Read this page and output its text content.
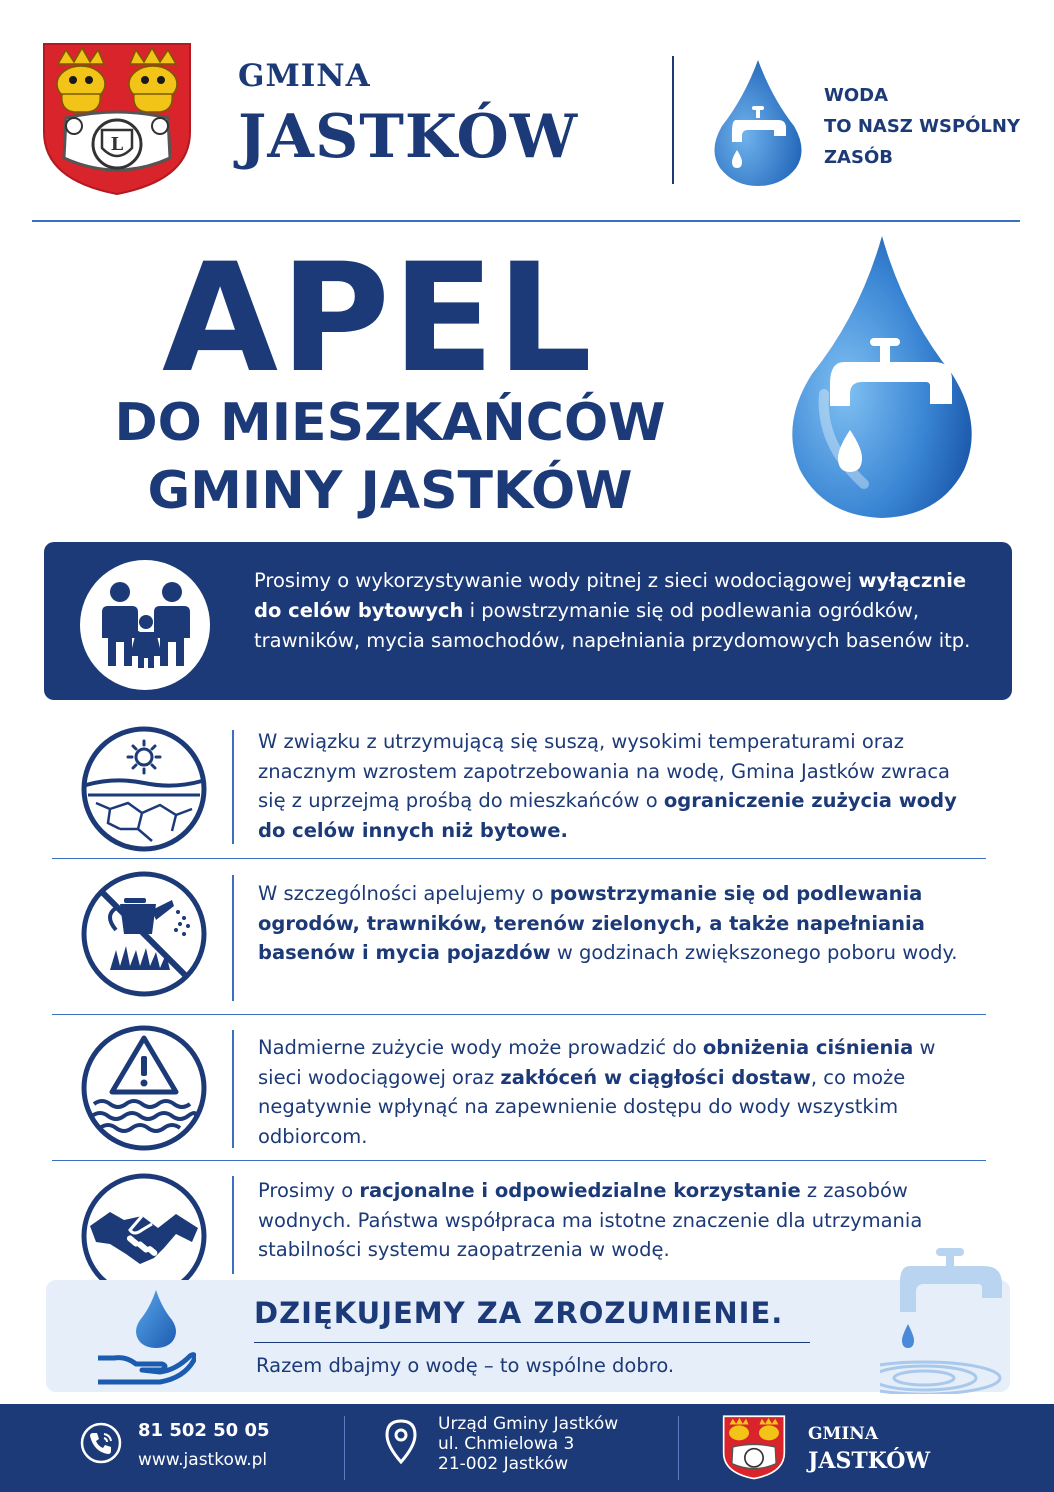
L
GMINA
JASTKÓW
WODA
TO NASZ WSPÓLNY
ZASÓB
APEL
DO MIESZKAŃCÓW
GMINY JASTKÓW
Prosimy o wykorzystywanie wody pitnej z sieci wodociągowej wyłącznie do celów bytowych i powstrzymanie się od podlewania ogródków, trawników, mycia samochodów, napełniania przydomowych basenów itp.
W związku z utrzymującą się suszą, wysokimi temperaturami oraz znacznym wzrostem zapotrzebowania na wodę, Gmina Jastków zwraca się z uprzejmą prośbą do mieszkańców o ograniczenie zużycia wody do celów innych niż bytowe.
W szczególności apelujemy o powstrzymanie się od podlewania ogrodów, trawników, terenów zielonych, a także napełniania basenów i mycia pojazdów w godzinach zwiększonego poboru wody.
Nadmierne zużycie wody może prowadzić do obniżenia ciśnienia w sieci wodociągowej oraz zakłóceń w ciągłości dostaw, co może negatywnie wpłynąć na zapewnienie dostępu do wody wszystkim odbiorcom.
Prosimy o racjonalne i odpowiedzialne korzystanie z zasobów wodnych. Państwa współpraca ma istotne znaczenie dla utrzymania stabilności systemu zaopatrzenia w wodę.
DZIĘKUJEMY ZA ZROZUMIENIE.
Razem dbajmy o wodę – to wspólne dobro.
81 502 50 05
www.jastkow.pl
Urząd Gminy Jastków
ul. Chmielowa 3
21-002 Jastków
GMINA
JASTKÓW
